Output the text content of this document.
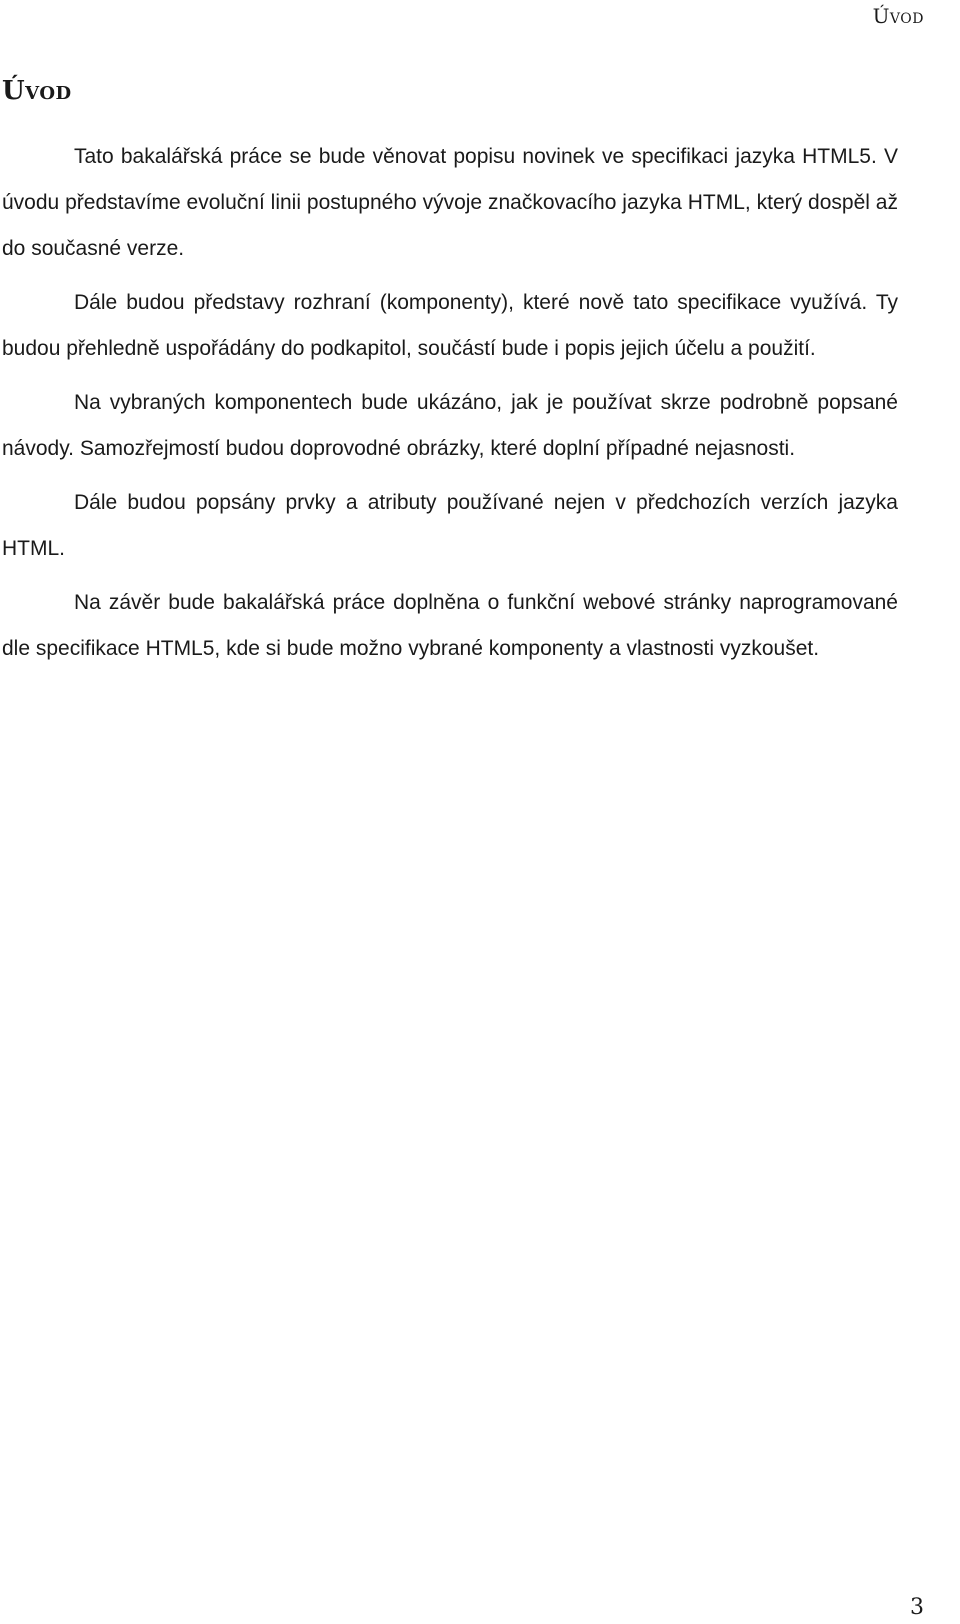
Úvod
Úvod

Tato bakalářská práce se bude věnovat popisu novinek ve specifikaci jazyka HTML5. V úvodu představíme evoluční linii postupného vývoje značkovacího jazyka HTML, který dospěl až do současné verze.

Dále budou představy rozhraní (komponenty), které nově tato specifikace využívá. Ty budou přehledně uspořádány do podkapitol, součástí bude i popis jejich účelu a použití.

Na vybraných komponentech bude ukázáno, jak je používat skrze podrobně popsané návody. Samozřejmostí budou doprovodné obrázky, které doplní případné nejasnosti.

Dále budou popsány prvky a atributy používané nejen v předchozích verzích jazyka HTML.

Na závěr bude bakalářská práce doplněna o funkční webové stránky naprogramované dle specifikace HTML5, kde si bude možno vybrané komponenty a vlastnosti vyzkoušet.

3
